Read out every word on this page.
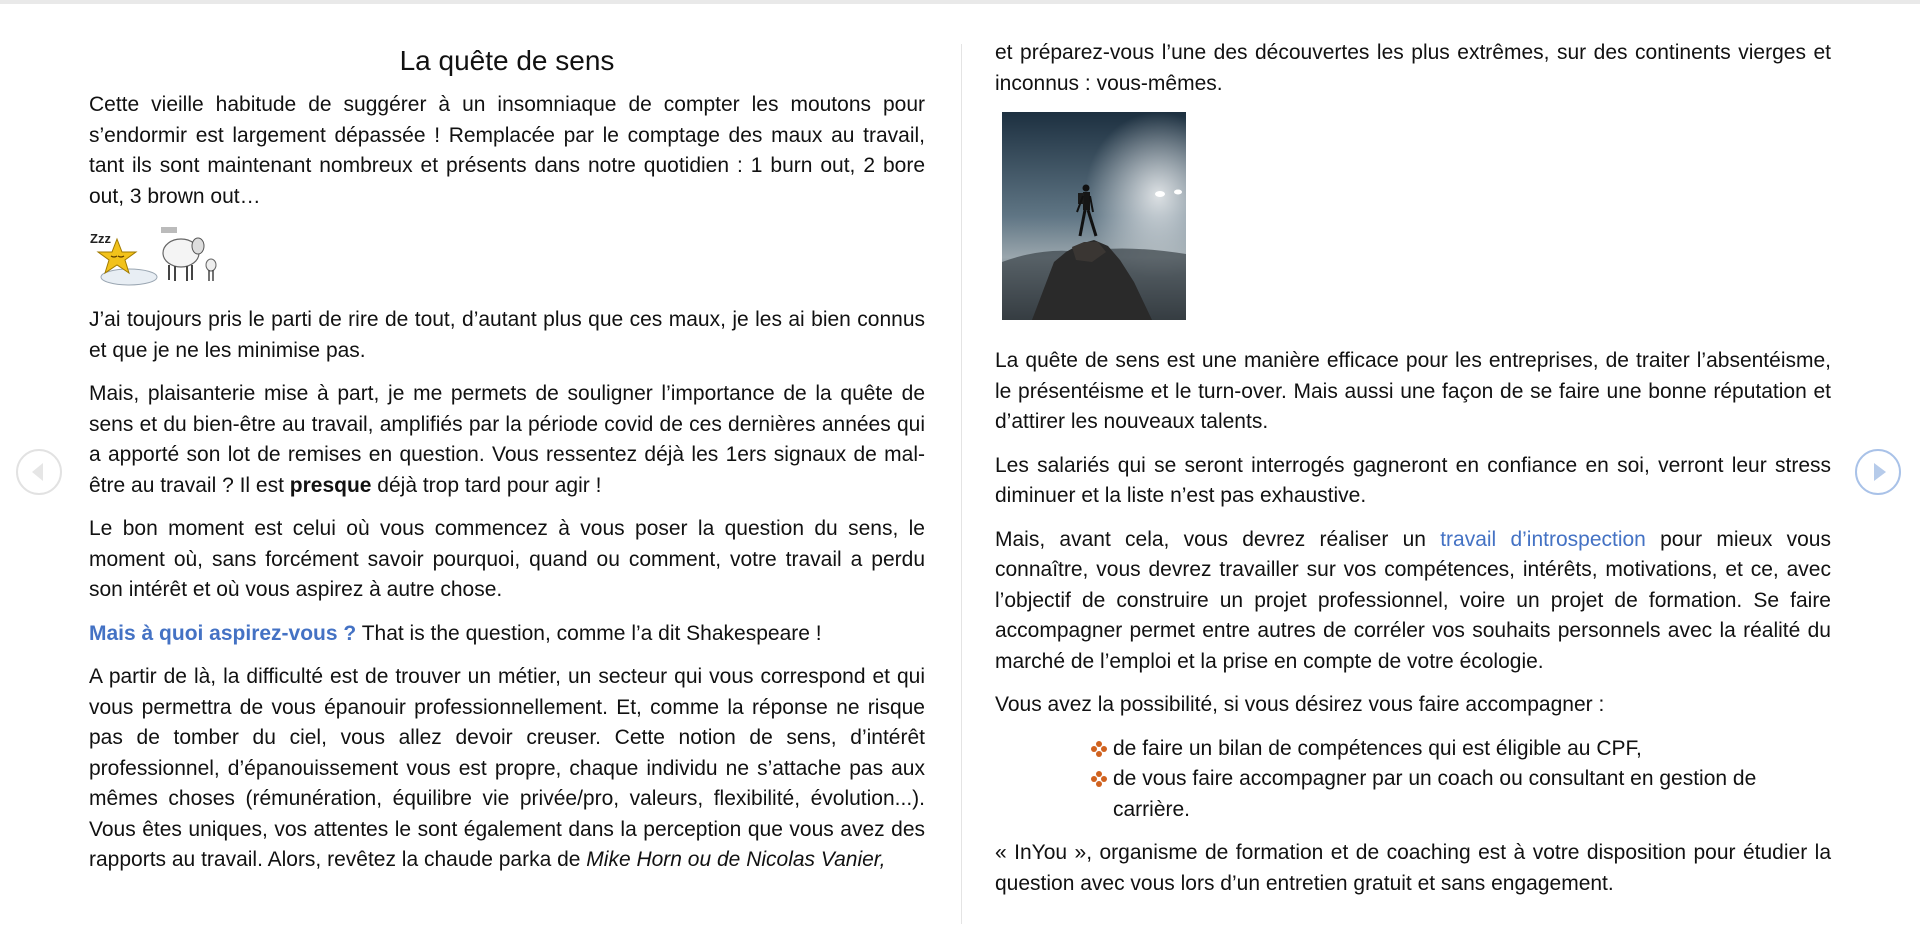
La quête de sens

Cette vieille habitude de suggérer à un insomniaque de compter les moutons pour s’endormir est largement dépassée ! Remplacée par le comptage des maux au travail, tant ils sont maintenant nombreux et présents dans notre quotidien : 1 burn out, 2 bore out, 3 brown out…

Zzz

J’ai toujours pris le parti de rire de tout, d’autant plus que ces maux, je les ai bien connus et que je ne les minimise pas.

Mais, plaisanterie mise à part, je me permets de souligner l’importance de la quête de sens et du bien-être au travail, amplifiés par la période covid de ces dernières années qui a apporté son lot de remises en question. Vous ressentez déjà les 1ers signaux de mal-être au travail ? Il est presque déjà trop tard pour agir !

Le bon moment est celui où vous commencez à vous poser la question du sens, le moment où, sans forcément savoir pourquoi, quand ou comment, votre travail a perdu son intérêt et où vous aspirez à autre chose.

Mais à quoi aspirez-vous ? That is the question, comme l’a dit Shakespeare !

A partir de là, la difficulté est de trouver un métier, un secteur qui vous correspond et qui vous permettra de vous épanouir professionnellement. Et, comme la réponse ne risque pas de tomber du ciel, vous allez devoir creuser. Cette notion de sens, d’intérêt professionnel, d’épanouissement vous est propre, chaque individu ne s’attache pas aux mêmes choses (rémunération, équilibre vie privée/pro, valeurs, flexibilité, évolution...). Vous êtes uniques, vos attentes le sont également dans la perception que vous avez des rapports au travail. Alors, revêtez la chaude parka de Mike Horn ou de Nicolas Vanier,

et préparez-vous l’une des découvertes les plus extrêmes, sur des continents vierges et inconnus : vous-mêmes.

La quête de sens est une manière efficace pour les entreprises, de traiter l’absentéisme, le présentéisme et le turn-over. Mais aussi une façon de se faire une bonne réputation et d’attirer les nouveaux talents.

Les salariés qui se seront interrogés gagneront en confiance en soi, verront leur stress diminuer et la liste n’est pas exhaustive.

Mais, avant cela, vous devrez réaliser un travail d’introspection pour mieux vous connaître, vous devrez travailler sur vos compétences, intérêts, motivations, et ce, avec l’objectif de construire un projet professionnel, voire un projet de formation. Se faire accompagner permet entre autres de corréler vos souhaits personnels avec la réalité du marché de l’emploi et la prise en compte de votre écologie.

Vous avez la possibilité, si vous désirez vous faire accompagner :

de faire un bilan de compétences qui est éligible au CPF,
de vous faire accompagner par un coach ou consultant en gestion de carrière.

« InYou », organisme de formation et de coaching est à votre disposition pour étudier la question avec vous lors d’un entretien gratuit et sans engagement.
